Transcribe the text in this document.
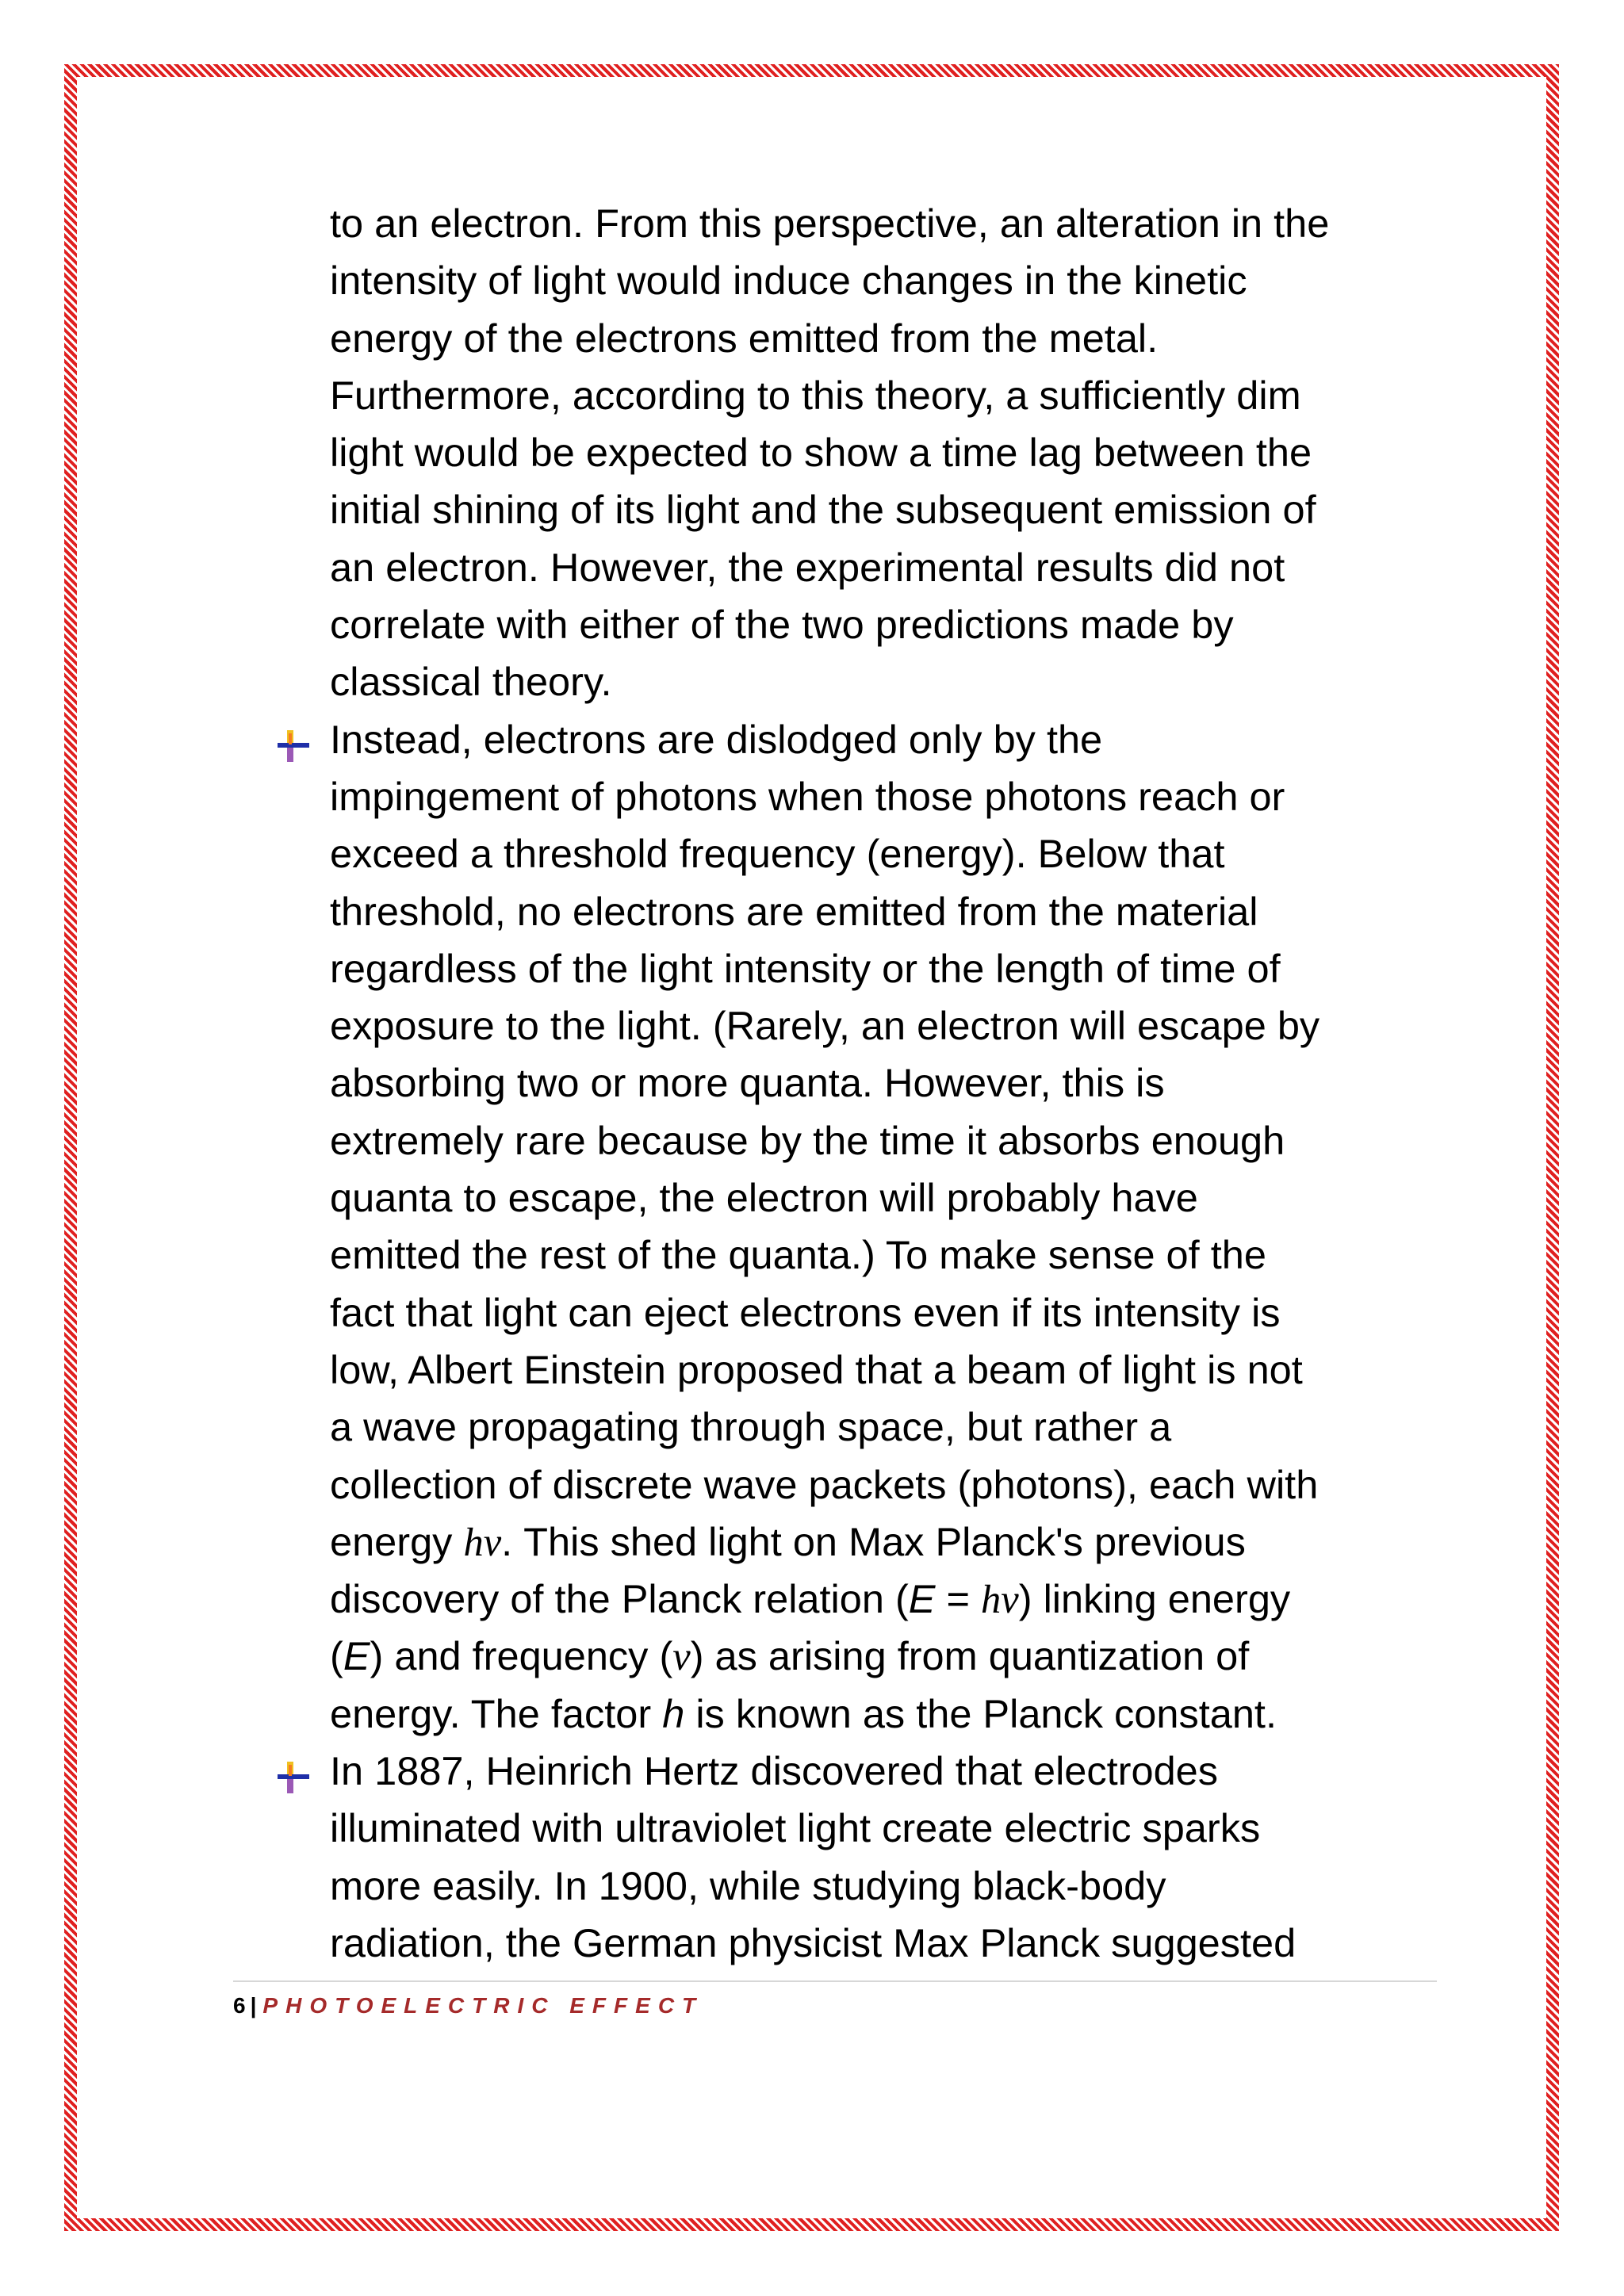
to an electron. From this perspective, an alteration in the
intensity of light would induce changes in the kinetic
energy of the electrons emitted from the metal.
Furthermore, according to this theory, a sufficiently dim
light would be expected to show a time lag between the
initial shining of its light and the subsequent emission of
an electron. However, the experimental results did not
correlate with either of the two predictions made by
classical theory.

Instead, electrons are dislodged only by the
impingement of photons when those photons reach or
exceed a threshold frequency (energy). Below that
threshold, no electrons are emitted from the material
regardless of the light intensity or the length of time of
exposure to the light. (Rarely, an electron will escape by
absorbing two or more quanta. However, this is
extremely rare because by the time it absorbs enough
quanta to escape, the electron will probably have
emitted the rest of the quanta.) To make sense of the
fact that light can eject electrons even if its intensity is
low, Albert Einstein proposed that a beam of light is not
a wave propagating through space, but rather a
collection of discrete wave packets (photons), each with
energy hν. This shed light on Max Planck's previous
discovery of the Planck relation (E = hν) linking energy
(E) and frequency (ν) as arising from quantization of
energy. The factor h is known as the Planck constant.

In 1887, Heinrich Hertz discovered that electrodes
illuminated with ultraviolet light create electric sparks
more easily. In 1900, while studying black-body
radiation, the German physicist Max Planck suggested

6 | PHOTOELECTRIC EFFECT
